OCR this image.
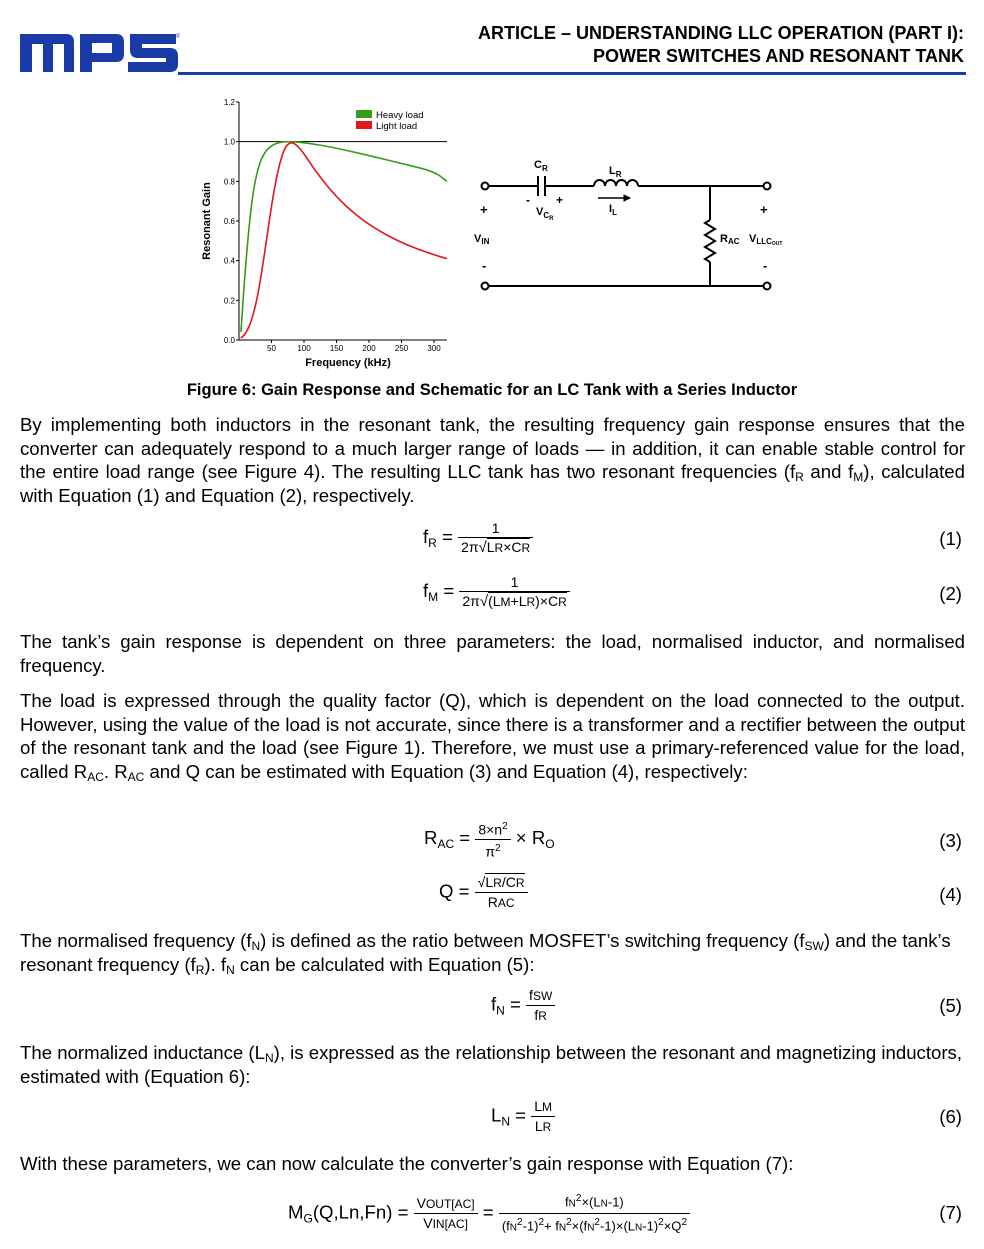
®	ARTICLE – UNDERSTANDING LLC OPERATION (PART I):
POWER SWITCHES AND RESONANT TANK
0.0
0.2
0.4
0.6
0.8
1.0
1.2
50	100 150 200 250 300
Frequency (kHz)
Resonant Gain
Heavy load
Light load
$C_R$	$L_R$
- +
$V_CR$
$I_L$
+
VIN
-
RAC
+
VLLCOUT
-
Figure 6: Gain Response and Schematic for an LC Tank with a Series Inductor
By implementing both inductors in the resonant tank, the resulting frequency gain response ensures that the converter can adequately respond to a much larger range of loads — in addition, it can enable stable control for the entire load range (see Figure 4). The resulting LLC tank has two resonant frequencies ($f_R$ and $f_M$), calculated with Equation (1) and Equation (2), respectively.
$f_R = \frac{1}{2\pi√LR\times CR}$	(1)
$f_M = \frac{1}{2\pi√(LM+LR)\times CR}$	(2)
The tank’s gain response is dependent on three parameters: the load, normalised inductor, and normalised frequency.
The load is expressed through the quality factor (Q), which is dependent on the load connected to the output. However, using the value of the load is not accurate, since there is a transformer and a rectifier between the output of the resonant tank and the load (see Figure 1). Therefore, we must use a primary-referenced value for the load, called $R_{AC}$. $R_{AC}$ and Q can be estimated with Equation (3) and Equation (4), respectively:
$R_{AC} = \frac{8\times n^2}{\pi^2} \times R_O$	(3)
$Q = \frac{√LR/CR}{\text{RAC}}$	(4)
The normalised frequency $(f_N)$ is defined as the ratio between MOSFET’s switching frequency $(f_{SW})$ and the tank’s resonant frequency $(f_R)$. $f_N$ can be calculated with Equation (5):
$f_N = \frac{\text{fSW}}{fR}$	(5)
The normalized inductance $(L_N)$, is expressed as the relationship between the resonant and magnetizing inductors, estimated with (Equation 6):
$L_N = \frac{LM}{LR}$	(6)
With these parameters, we can now calculate the converter’s gain response with Equation (7):
$M_G(Q,Ln,Fn) = \frac{\text{VOUT[AC]}}{\text{VIN[AC]}} = \frac{fN^2\times(LN-1)}{(fN^2-1)^2+ fN^2\times(fN^2-1)\times(LN-1)^2\times Q^2}$	(7)
